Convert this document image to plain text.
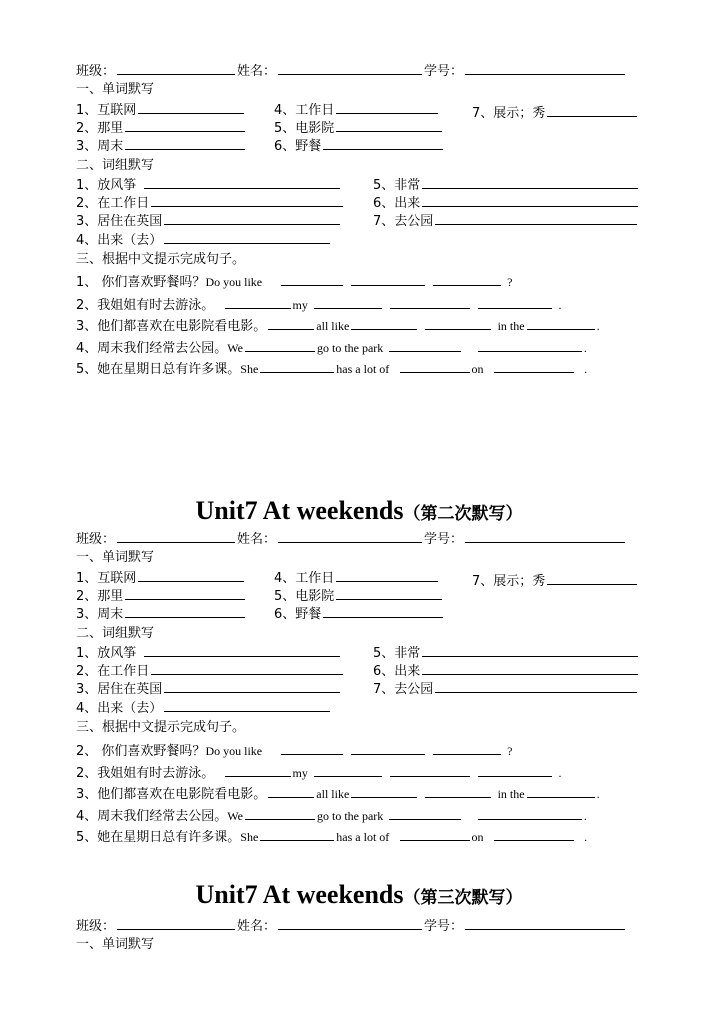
班级：	姓名：	学号：
一、单词默写
1、互联网	4、工作日	7、展示；秀
2、那里	5、电影院
3、周末	6、野餐
二、词组默写
1、放风筝	5、非常
2、在工作日	6、出来
3、居住在英国	7、去公园
4、出来（去）
三、根据中文提示完成句子。
1、 你们喜欢野餐吗？Do you like	?
2、我姐姐有时去游泳。	my	.
3、他们都喜欢在电影院看电影。	all like	in the	.
4、周末我们经常去公园。We	go to the park	.
5、她在星期日总有许多课。She	has a lot of	on	.
Unit7 At weekends（第二次默写）
班级：	姓名：	学号：
一、单词默写
1、互联网	4、工作日	7、展示；秀
2、那里	5、电影院
3、周末	6、野餐
二、词组默写
1、放风筝	5、非常
2、在工作日	6、出来
3、居住在英国	7、去公园
4、出来（去）
三、根据中文提示完成句子。
2、 你们喜欢野餐吗？Do you like	?
2、我姐姐有时去游泳。	my	.
3、他们都喜欢在电影院看电影。	all like	in the	.
4、周末我们经常去公园。We	go to the park	.
5、她在星期日总有许多课。She	has a lot of	on	.
Unit7 At weekends（第三次默写）
班级：	姓名：	学号：
一、单词默写
